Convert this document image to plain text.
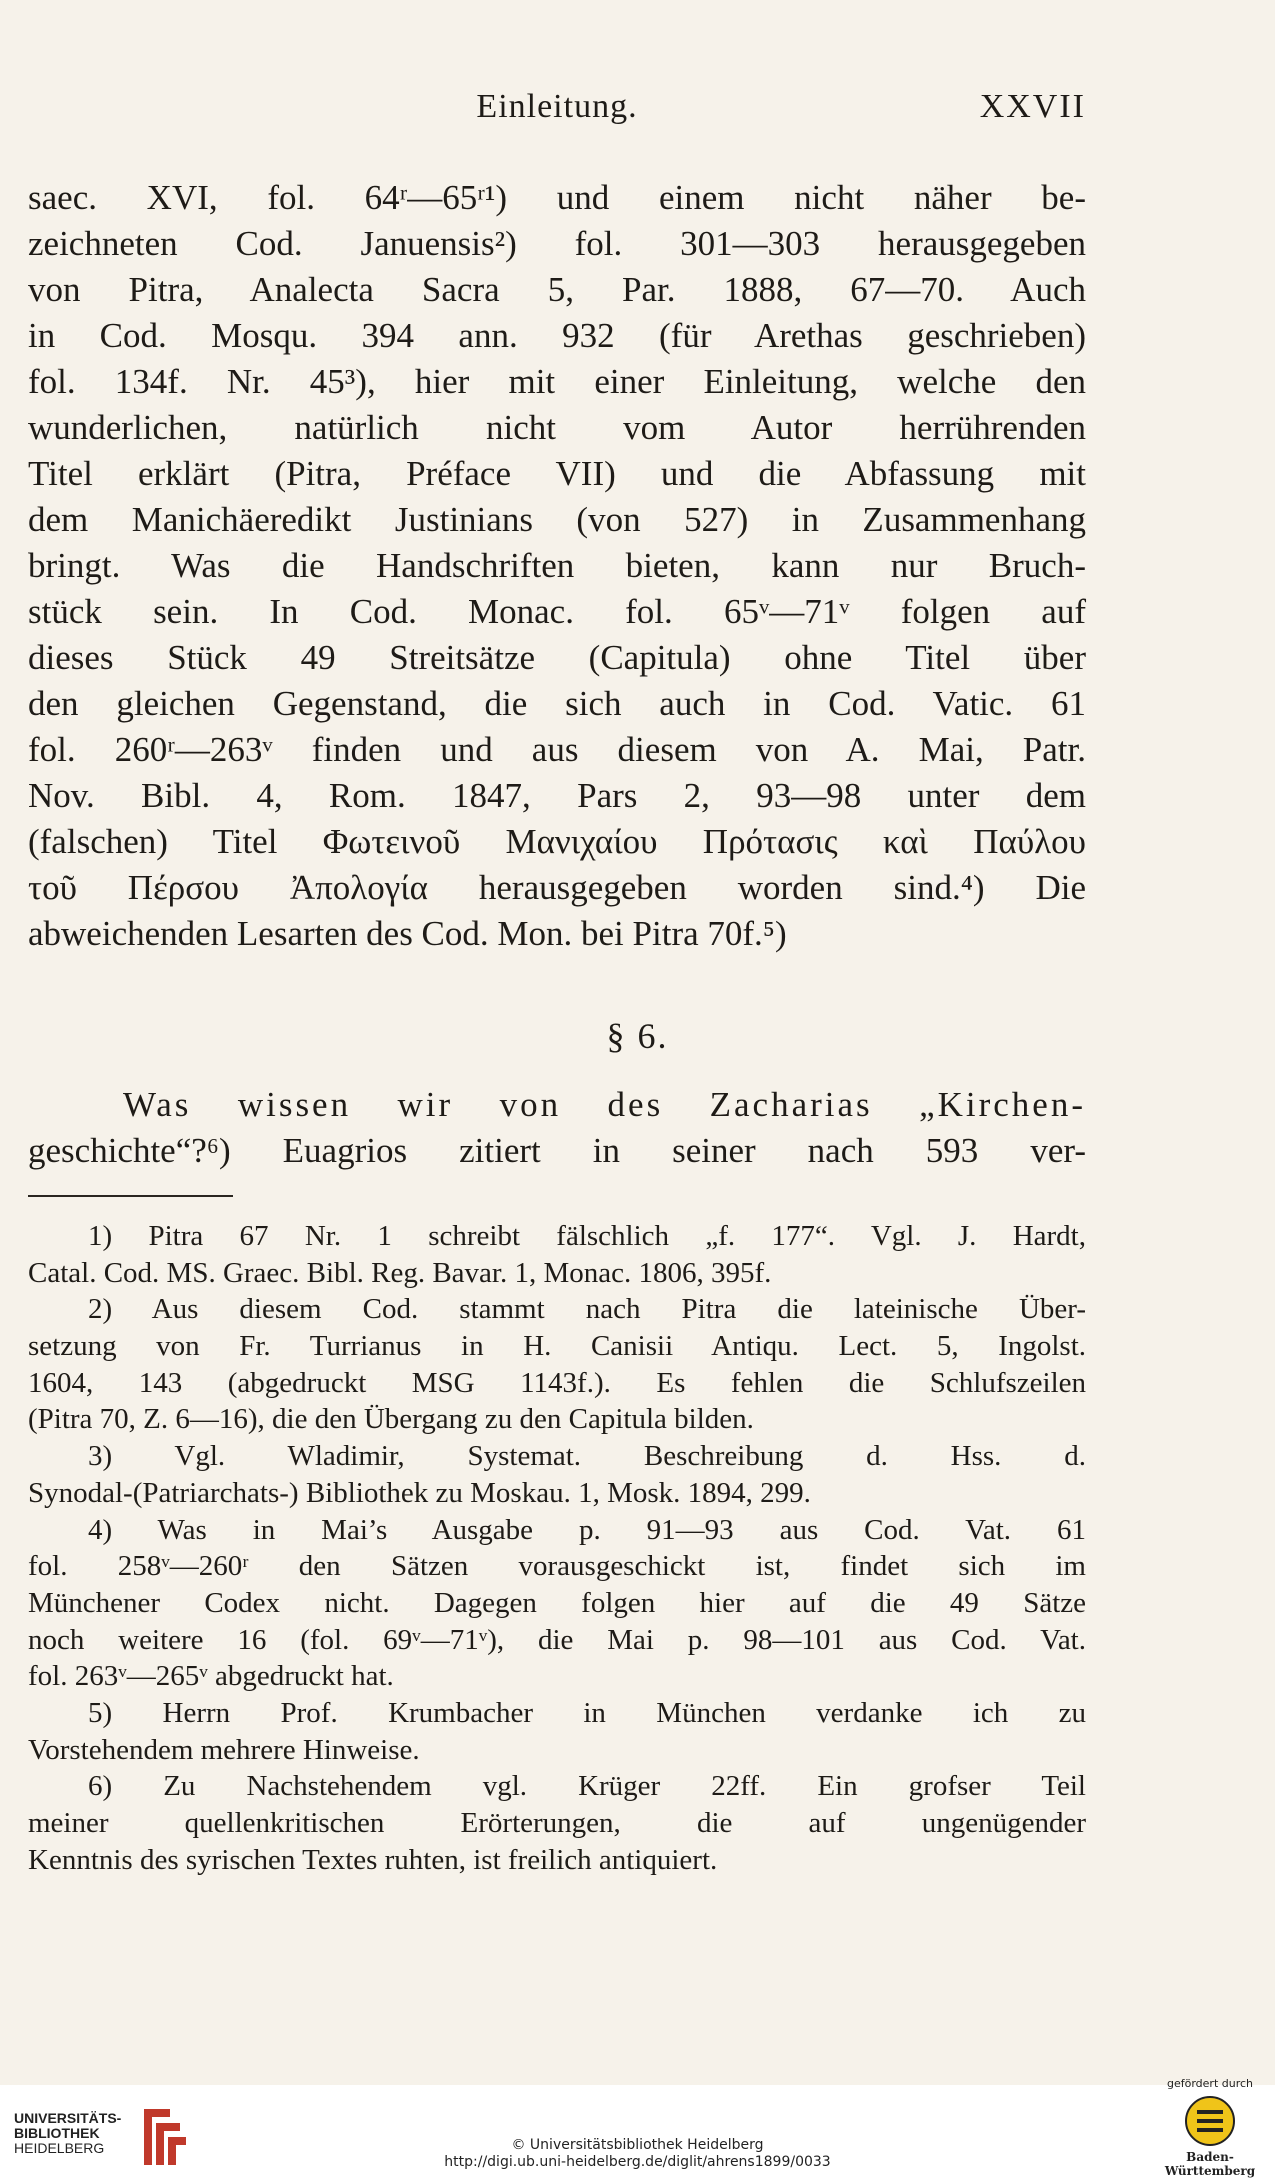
Einleitung.	XXVII
saec. XVI, fol. 64ʳ—65ʳ¹) und einem nicht näher be-
zeichneten Cod. Januensis²) fol. 301—303 herausgegeben
von Pitra, Analecta Sacra 5, Par. 1888, 67—70. Auch
in Cod. Mosqu. 394 ann. 932 (für Arethas geschrieben)
fol. 134f. Nr. 45³), hier mit einer Einleitung, welche den
wunderlichen, natürlich nicht vom Autor herrührenden
Titel erklärt (Pitra, Préface VII) und die Abfassung mit
dem Manichäeredikt Justinians (von 527) in Zusammenhang
bringt. Was die Handschriften bieten, kann nur Bruch-
stück sein. In Cod. Monac. fol. 65ᵛ—71ᵛ folgen auf
dieses Stück 49 Streitsätze (Capitula) ohne Titel über
den gleichen Gegenstand, die sich auch in Cod. Vatic. 61
fol. 260ʳ—263ᵛ finden und aus diesem von A. Mai, Patr.
Nov. Bibl. 4, Rom. 1847, Pars 2, 93—98 unter dem
(falschen) Titel Φωτεινοῦ Μανιχαίου Πρότασις καὶ Παύλου
τοῦ Πέρσου Ἀπολογία herausgegeben worden sind.⁴) Die
abweichenden Lesarten des Cod. Mon. bei Pitra 70f.⁵)
§ 6.
Was wissen wir von des Zacharias „Kirchen-
geschichte“?⁶) Euagrios zitiert in seiner nach 593 ver-
1) Pitra 67 Nr. 1 schreibt fälschlich „f. 177“. Vgl. J. Hardt,
Catal. Cod. MS. Graec. Bibl. Reg. Bavar. 1, Monac. 1806, 395f.
2) Aus diesem Cod. stammt nach Pitra die lateinische Über-
setzung von Fr. Turrianus in H. Canisii Antiqu. Lect. 5, Ingolst.
1604, 143 (abgedruckt MSG 1143f.). Es fehlen die Schlufszeilen
(Pitra 70, Z. 6—16), die den Übergang zu den Capitula bilden.
3) Vgl. Wladimir, Systemat. Beschreibung d. Hss. d.
Synodal-(Patriarchats-) Bibliothek zu Moskau. 1, Mosk. 1894, 299.
4) Was in Mai’s Ausgabe p. 91—93 aus Cod. Vat. 61
fol. 258ᵛ—260ʳ den Sätzen vorausgeschickt ist, findet sich im
Münchener Codex nicht. Dagegen folgen hier auf die 49 Sätze
noch weitere 16 (fol. 69ᵛ—71ᵛ), die Mai p. 98—101 aus Cod. Vat.
fol. 263ᵛ—265ᵛ abgedruckt hat.
5) Herrn Prof. Krumbacher in München verdanke ich zu
Vorstehendem mehrere Hinweise.
6) Zu Nachstehendem vgl. Krüger 22ff. Ein grofser Teil
meiner quellenkritischen Erörterungen, die auf ungenügender
Kenntnis des syrischen Textes ruhten, ist freilich antiquiert.
UNIVERSITÄTS-
BIBLIOTHEK
HEIDELBERG	© Universitätsbibliothek Heidelberg
http://digi.ub.uni-heidelberg.de/diglit/ahrens1899/0033
gefördert durch
Baden-Württemberg
